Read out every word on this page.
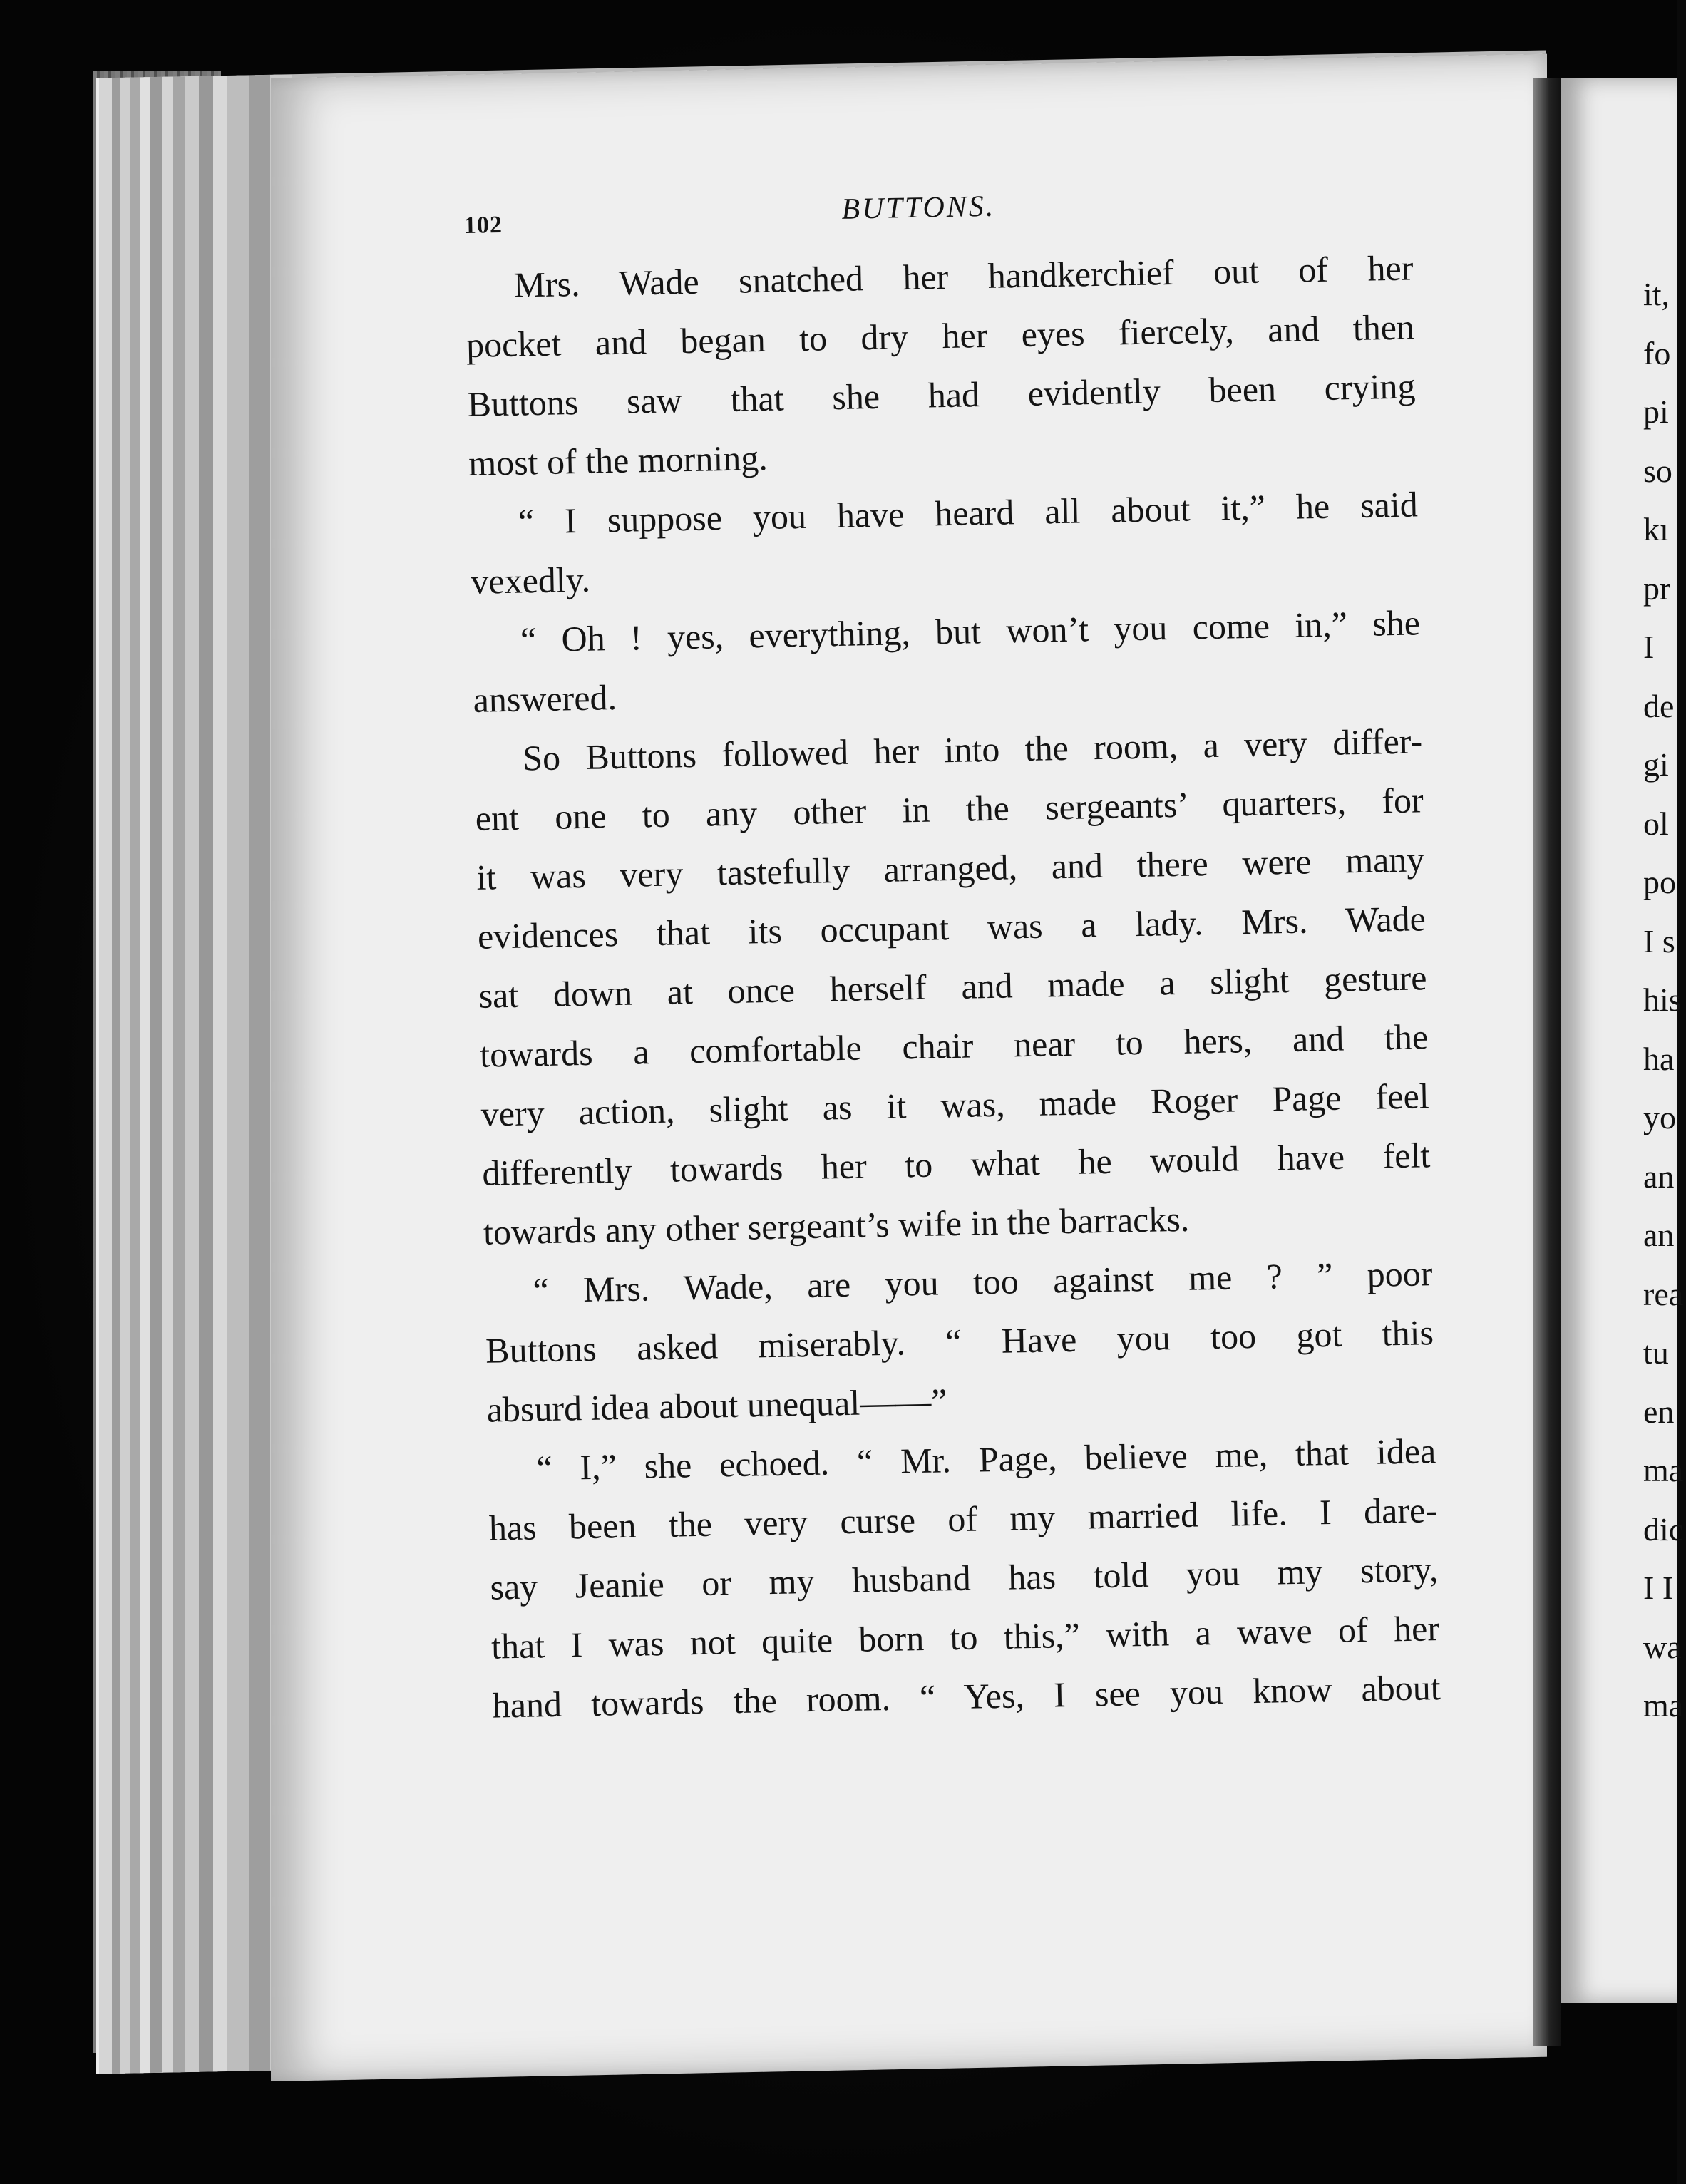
it,
fo
pi
so
kı
pr
I
de
gi
ol
po
I s
his
ha
yo
an
an
rea
tu
en
ma
dic
I I
wa
ma
102	BUTTONS.
Mrs. Wade snatched her handkerchief out of her
pocket and began to dry her eyes fiercely, and then
Buttons saw that she had evidently been crying
most of the morning.
“ I suppose you have heard all about it,” he said
vexedly.
“ Oh ! yes, everything, but won’t you come in,” she
answered.
So Buttons followed her into the room, a very differ-
ent one to any other in the sergeants’ quarters, for
it was very tastefully arranged, and there were many
evidences that its occupant was a lady. Mrs. Wade
sat down at once herself and made a slight gesture
towards a comfortable chair near to hers, and the
very action, slight as it was, made Roger Page feel
differently towards her to what he would have felt
towards any other sergeant’s wife in the barracks.
“ Mrs. Wade, are you too against me ? ” poor
Buttons asked miserably. “ Have you too got this
absurd idea about unequal——”
“ I,” she echoed. “ Mr. Page, believe me, that idea
has been the very curse of my married life. I dare-
say Jeanie or my husband has told you my story,
that I was not quite born to this,” with a wave of her
hand towards the room. “ Yes, I see you know about
